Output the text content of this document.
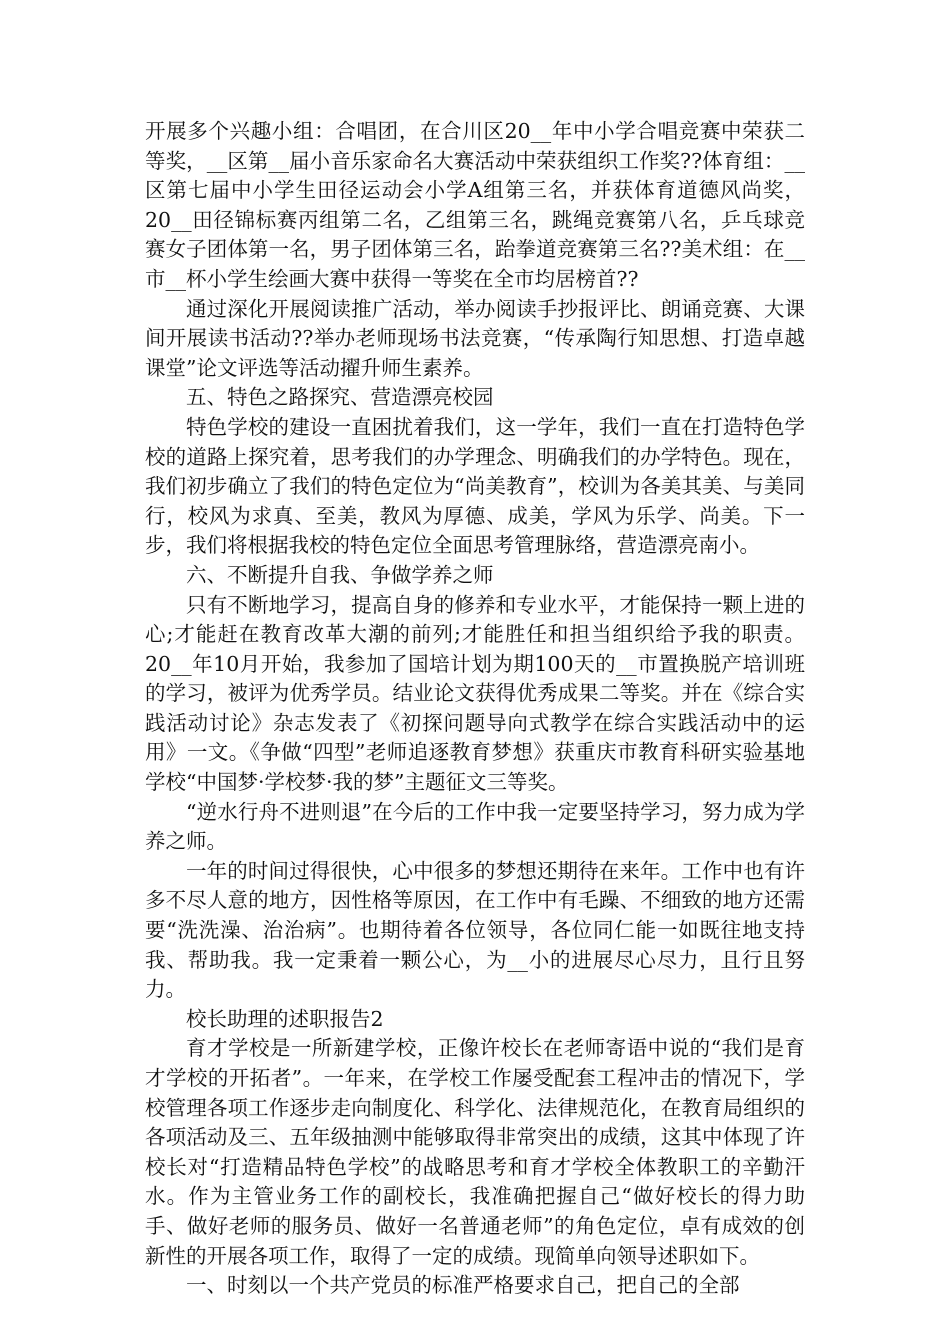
开展多个兴趣小组：合唱团，在合川区20__年中小学合唱竞赛中荣获二等奖，__区第__届小音乐家命名大赛活动中荣获组织工作奖??体育组：__区第七届中小学生田径运动会小学A组第三名，并获体育道德风尚奖，20__田径锦标赛丙组第二名，乙组第三名，跳绳竞赛第八名，乒乓球竞赛女子团体第一名，男子团体第三名，跆拳道竞赛第三名??美术组：在__市__杯小学生绘画大赛中获得一等奖在全市均居榜首??

通过深化开展阅读推广活动，举办阅读手抄报评比、朗诵竞赛、大课间开展读书活动??举办老师现场书法竞赛，“传承陶行知思想、打造卓越课堂”论文评选等活动擢升师生素养。

五、特色之路探究、营造漂亮校园

特色学校的建设一直困扰着我们，这一学年，我们一直在打造特色学校的道路上探究着，思考我们的办学理念、明确我们的办学特色。现在，我们初步确立了我们的特色定位为“尚美教育”，校训为各美其美、与美同行，校风为求真、至美，教风为厚德、成美，学风为乐学、尚美。下一步，我们将根据我校的特色定位全面思考管理脉络，营造漂亮南小。

六、不断提升自我、争做学养之师

只有不断地学习，提高自身的修养和专业水平，才能保持一颗上进的心;才能赶在教育改革大潮的前列;才能胜任和担当组织给予我的职责。20__年10月开始，我参加了国培计划为期100天的__市置换脱产培训班的学习，被评为优秀学员。结业论文获得优秀成果二等奖。并在《综合实践活动讨论》杂志发表了《初探问题导向式教学在综合实践活动中的运用》一文。《争做“四型”老师追逐教育梦想》获重庆市教育科研实验基地学校“中国梦·学校梦·我的梦”主题征文三等奖。

“逆水行舟不进则退”在今后的工作中我一定要坚持学习，努力成为学养之师。

一年的时间过得很快，心中很多的梦想还期待在来年。工作中也有许多不尽人意的地方，因性格等原因，在工作中有毛躁、不细致的地方还需要“洗洗澡、治治病”。也期待着各位领导，各位同仁能一如既往地支持我、帮助我。我一定秉着一颗公心，为__小的进展尽心尽力，且行且努力。

校长助理的述职报告2

育才学校是一所新建学校，正像许校长在老师寄语中说的“我们是育才学校的开拓者”。一年来，在学校工作屡受配套工程冲击的情况下，学校管理各项工作逐步走向制度化、科学化、法律规范化，在教育局组织的各项活动及三、五年级抽测中能够取得非常突出的成绩，这其中体现了许校长对“打造精品特色学校”的战略思考和育才学校全体教职工的辛勤汗水。作为主管业务工作的副校长，我准确把握自己“做好校长的得力助手、做好老师的服务员、做好一名普通老师”的角色定位，卓有成效的创新性的开展各项工作，取得了一定的成绩。现简单向领导述职如下。

一、时刻以一个共产党员的标准严格要求自己，把自己的全部
